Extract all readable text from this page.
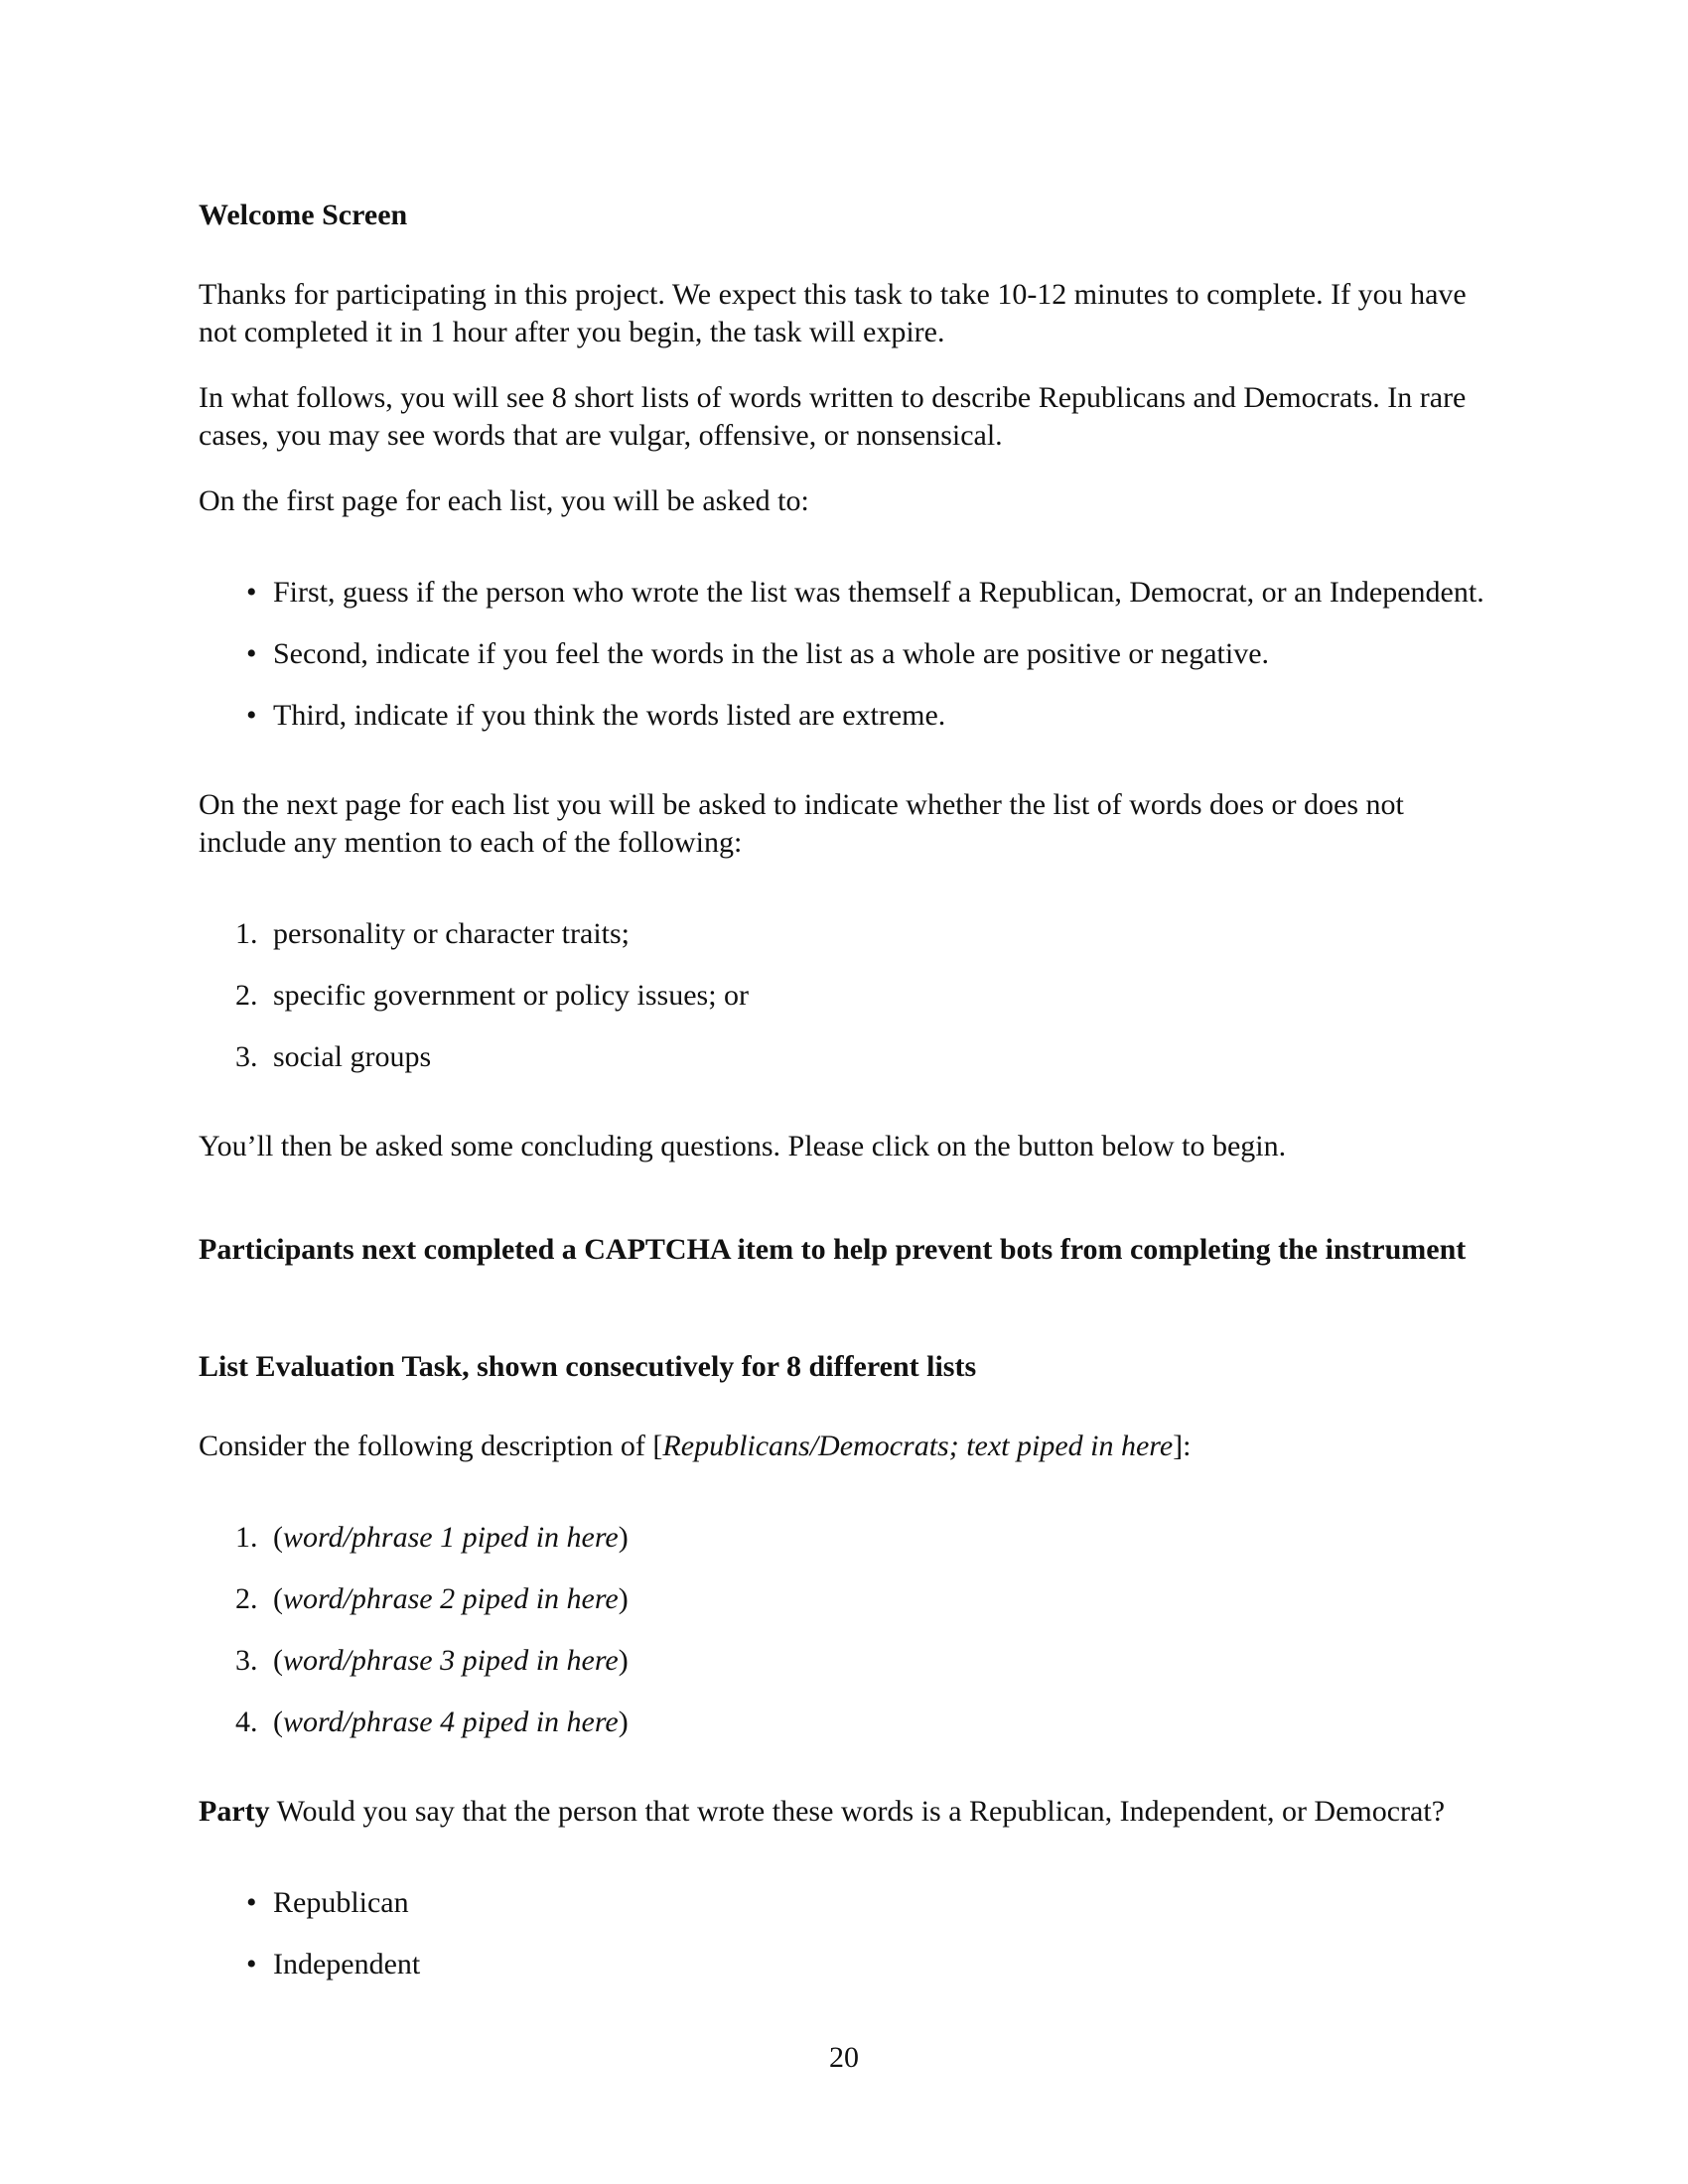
Welcome Screen

Thanks for participating in this project. We expect this task to take 10-12 minutes to complete. If you have not completed it in 1 hour after you begin, the task will expire.

In what follows, you will see 8 short lists of words written to describe Republicans and Democrats. In rare cases, you may see words that are vulgar, offensive, or nonsensical.

On the first page for each list, you will be asked to:

• First, guess if the person who wrote the list was themself a Republican, Democrat, or an Independent.
• Second, indicate if you feel the words in the list as a whole are positive or negative.
• Third, indicate if you think the words listed are extreme.

On the next page for each list you will be asked to indicate whether the list of words does or does not include any mention to each of the following:

1. personality or character traits;
2. specific government or policy issues; or
3. social groups

You’ll then be asked some concluding questions. Please click on the button below to begin.

Participants next completed a CAPTCHA item to help prevent bots from completing the instrument

List Evaluation Task, shown consecutively for 8 different lists

Consider the following description of [Republicans/Democrats; text piped in here]:

1. (word/phrase 1 piped in here)
2. (word/phrase 2 piped in here)
3. (word/phrase 3 piped in here)
4. (word/phrase 4 piped in here)

Party Would you say that the person that wrote these words is a Republican, Independent, or Democrat?

• Republican
• Independent
20
